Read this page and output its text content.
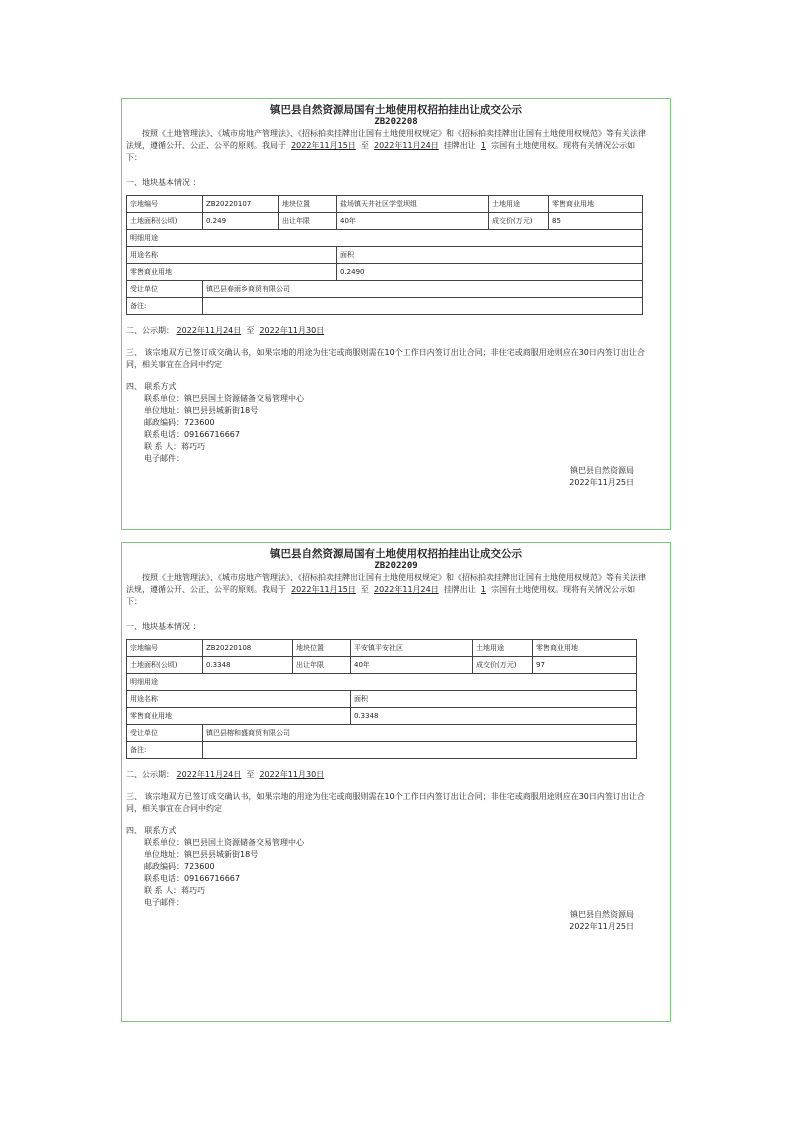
镇巴县自然资源局国有土地使用权招拍挂出让成交公示
ZB202208
按照《土地管理法》、《城市房地产管理法》、《招标拍卖挂牌出让国有土地使用权规定》和《招标拍卖挂牌出让国有土地使用权规范》等有关法律法规，遵循公开、公正、公平的原则。我局于 2022年11月15日 至 2022年11月24日 挂牌出让 1 宗国有土地使用权。现将有关情况公示如下：
一、地块基本情况 ：
宗地编号	ZB20220107	地块位置	盐场镇天井社区学堂坝组	土地用途	零售商业用地
土地面积(公顷)	0.249	出让年限	40年	成交价(万元)	85
明细用途					
用途名称			面积		
零售商业用地			0.2490		
受让单位	镇巴县春雨乡商贸有限公司				
备注:					
二、公示期： 2022年11月24日 至 2022年11月30日
三、 该宗地双方已签订成交确认书，如果宗地的用途为住宅或商服则需在10个工作日内签订出让合同；非住宅或商服用途则应在30日内签订出让合同，相关事宜在合同中约定
四、 联系方式
联系单位：镇巴县国土资源储备交易管理中心
单位地址：镇巴县县城新街18号
邮政编码：723600
联系电话：09166716667
联 系 人：蒋巧巧
电子邮件：
镇巴县自然资源局
2022年11月25日
镇巴县自然资源局国有土地使用权招拍挂出让成交公示
ZB202209
按照《土地管理法》、《城市房地产管理法》、《招标拍卖挂牌出让国有土地使用权规定》和《招标拍卖挂牌出让国有土地使用权规范》等有关法律法规，遵循公开、公正、公平的原则。我局于 2022年11月15日 至 2022年11月24日 挂牌出让 1 宗国有土地使用权。现将有关情况公示如下：
一、地块基本情况 ：
宗地编号	ZB20220108	地块位置	平安镇平安社区	土地用途	零售商业用地
土地面积(公顷)	0.3348	出让年限	40年	成交价(万元)	97
明细用途					
用途名称			面积		
零售商业用地			0.3348		
受让单位	镇巴县榕和盛商贸有限公司				
备注:					
二、公示期： 2022年11月24日 至 2022年11月30日
三、 该宗地双方已签订成交确认书，如果宗地的用途为住宅或商服则需在10个工作日内签订出让合同；非住宅或商服用途则应在30日内签订出让合同，相关事宜在合同中约定
四、 联系方式
联系单位：镇巴县国土资源储备交易管理中心
单位地址：镇巴县县城新街18号
邮政编码：723600
联系电话：09166716667
联 系 人：蒋巧巧
电子邮件：
镇巴县自然资源局
2022年11月25日
